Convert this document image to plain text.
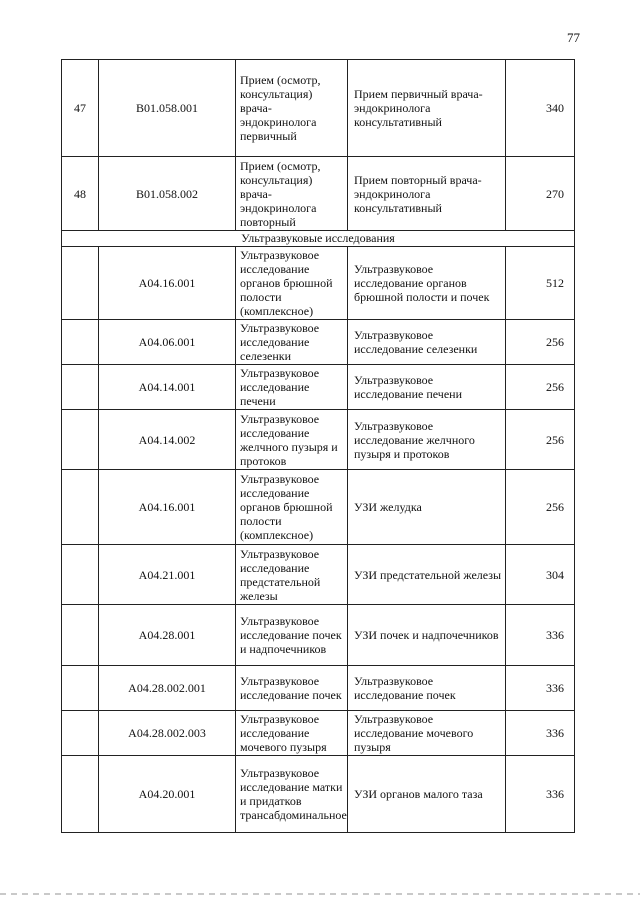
77
47	B01.058.001	Прием (осмотр, консультация) врача-эндокринолога первичный	Прием первичный врача-эндокринолога консультативный	340
48	B01.058.002	Прием (осмотр, консультация) врача-эндокринолога повторный	Прием повторный врача-эндокринолога консультативный	270
Ультразвуковые исследования				
	A04.16.001	Ультразвуковое исследование органов брюшной полости (комплексное)	Ультразвуковое исследование органов брюшной полости и почек	512
	A04.06.001	Ультразвуковое исследование селезенки	Ультразвуковое исследование селезенки	256
	A04.14.001	Ультразвуковое исследование печени	Ультразвуковое исследование печени	256
	A04.14.002	Ультразвуковое исследование желчного пузыря и протоков	Ультразвуковое исследование желчного пузыря и протоков	256
	A04.16.001	Ультразвуковое исследование органов брюшной полости (комплексное)	УЗИ желудка	256
	A04.21.001	Ультразвуковое исследование предстательной железы	УЗИ предстательной железы	304
	A04.28.001	Ультразвуковое исследование почек и надпочечников	УЗИ почек и надпочечников	336
	A04.28.002.001	Ультразвуковое исследование почек	Ультразвуковое исследование почек	336
	A04.28.002.003	Ультразвуковое исследование мочевого пузыря	Ультразвуковое исследование мочевого пузыря	336
	A04.20.001	Ультразвуковое исследование матки и придатков трансабдоминальное	УЗИ органов малого таза	336
